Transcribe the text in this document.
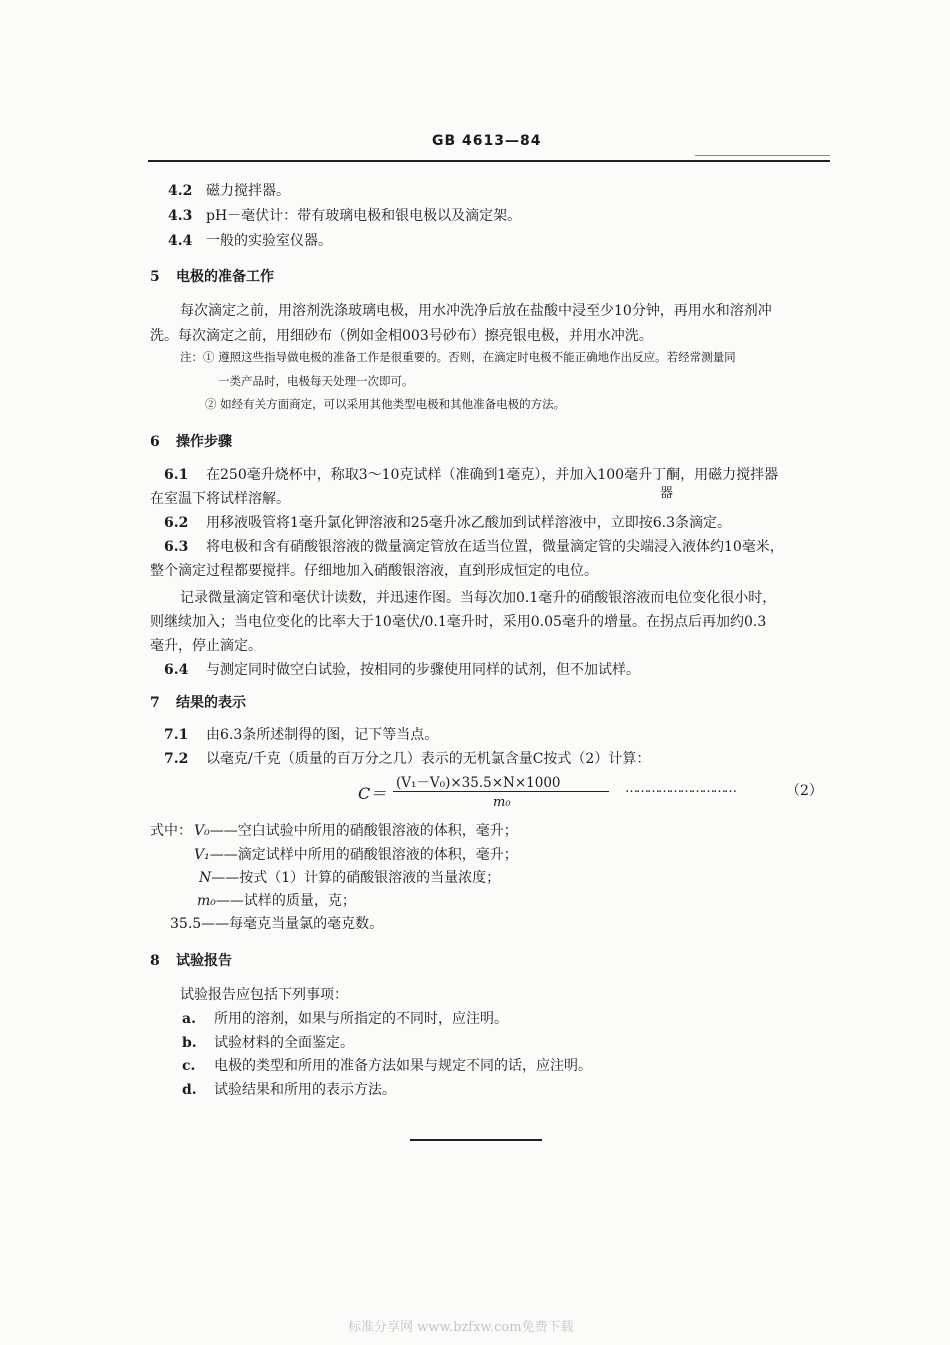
GB 4613—84
4.2 磁力搅拌器。
4.3 pH－毫伏计：带有玻璃电极和银电极以及滴定架。
4.4 一般的实验室仪器。
5 电极的准备工作
每次滴定之前，用溶剂洗涤玻璃电极，用水冲洗净后放在盐酸中浸至少10分钟，再用水和溶剂冲
洗。每次滴定之前，用细砂布（例如金相003号砂布）擦亮银电极，并用水冲洗。
注：① 遵照这些指导做电极的准备工作是很重要的。否则，在滴定时电极不能正确地作出反应。若经常测量同
一类产品时，电极每天处理一次即可。
② 如经有关方面商定，可以采用其他类型电极和其他准备电极的方法。
6 操作步骤
6.1 在250毫升烧杯中，称取3～10克试样（准确到1毫克），并加入100毫升丁酮，用磁力搅拌器
在室温下将试样溶解。	器
6.2 用移液吸管将1毫升氯化钾溶液和25毫升冰乙酸加到试样溶液中，立即按6.3条滴定。
6.3 将电极和含有硝酸银溶液的微量滴定管放在适当位置，微量滴定管的尖端浸入液体约10毫米，
整个滴定过程都要搅拌。仔细地加入硝酸银溶液，直到形成恒定的电位。
记录微量滴定管和毫伏计读数，并迅速作图。当每次加0.1毫升的硝酸银溶液而电位变化很小时，
则继续加入；当电位变化的比率大于10毫伏/0.1毫升时，采用0.05毫升的增量。在拐点后再加约0.3
毫升，停止滴定。
6.4 与测定同时做空白试验，按相同的步骤使用同样的试剂，但不加试样。
7 结果的表示
7.1 由6.3条所述制得的图，记下等当点。
7.2 以毫克/千克（质量的百万分之几）表示的无机氯含量C按式（2）计算：
C＝
(V₁－V₀)×35.5×N×1000
m₀
…………………………	（2）
式中： V₀——空白试验中所用的硝酸银溶液的体积，毫升；
V₁——滴定试样中所用的硝酸银溶液的体积，毫升；
N——按式（1）计算的硝酸银溶液的当量浓度；
m₀——试样的质量，克；
35.5——每毫克当量氯的毫克数。
8 试验报告
试验报告应包括下列事项：
a. 所用的溶剂，如果与所指定的不同时，应注明。
b. 试验材料的全面鉴定。
c. 电极的类型和所用的准备方法如果与规定不同的话，应注明。
d. 试验结果和所用的表示方法。
标准分享网 www.bzfxw.com免费下载
